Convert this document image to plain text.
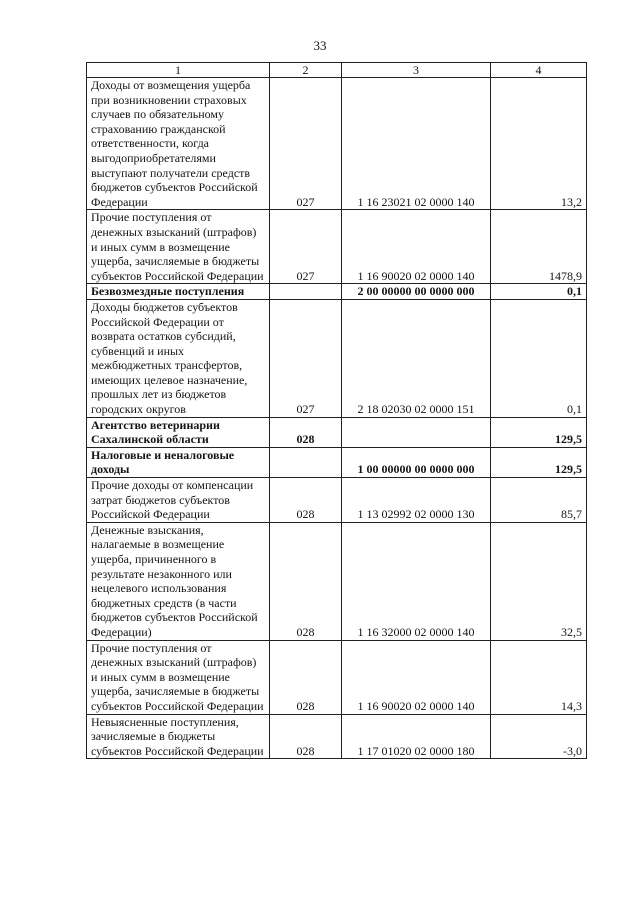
33
1	2	3	4
Доходы от возмещения ущерба при возникновении страховых случаев по обязательному страхованию гражданской ответственности, когда выгодоприобретателями выступают получатели средств бюджетов субъектов Российской Федерации	027	1 16 23021 02 0000 140	13,2
Прочие поступления от денежных взысканий (штрафов) и иных сумм в возмещение ущерба, зачисляемые в бюджеты субъектов Российской Федерации	027	1 16 90020 02 0000 140	1478,9
Безвозмездные поступления		2 00 00000 00 0000 000	0,1
Доходы бюджетов субъектов Российской Федерации от возврата остатков субсидий, субвенций и иных межбюджетных трансфертов, имеющих целевое назначение, прошлых лет из бюджетов городских округов	027	2 18 02030 02 0000 151	0,1
Агентство ветеринарии Сахалинской области	028		129,5
Налоговые и неналоговые доходы		1 00 00000 00 0000 000	129,5
Прочие доходы от компенсации затрат бюджетов субъектов Российской Федерации	028	1 13 02992 02 0000 130	85,7
Денежные взыскания, налагаемые в возмещение ущерба, причиненного в результате незаконного или нецелевого использования бюджетных средств (в части бюджетов субъектов Российской Федерации)	028	1 16 32000 02 0000 140	32,5
Прочие поступления от денежных взысканий (штрафов) и иных сумм в возмещение ущерба, зачисляемые в бюджеты субъектов Российской Федерации	028	1 16 90020 02 0000 140	14,3
Невыясненные поступления, зачисляемые в бюджеты субъектов Российской Федерации	028	1 17 01020 02 0000 180	-3,0
